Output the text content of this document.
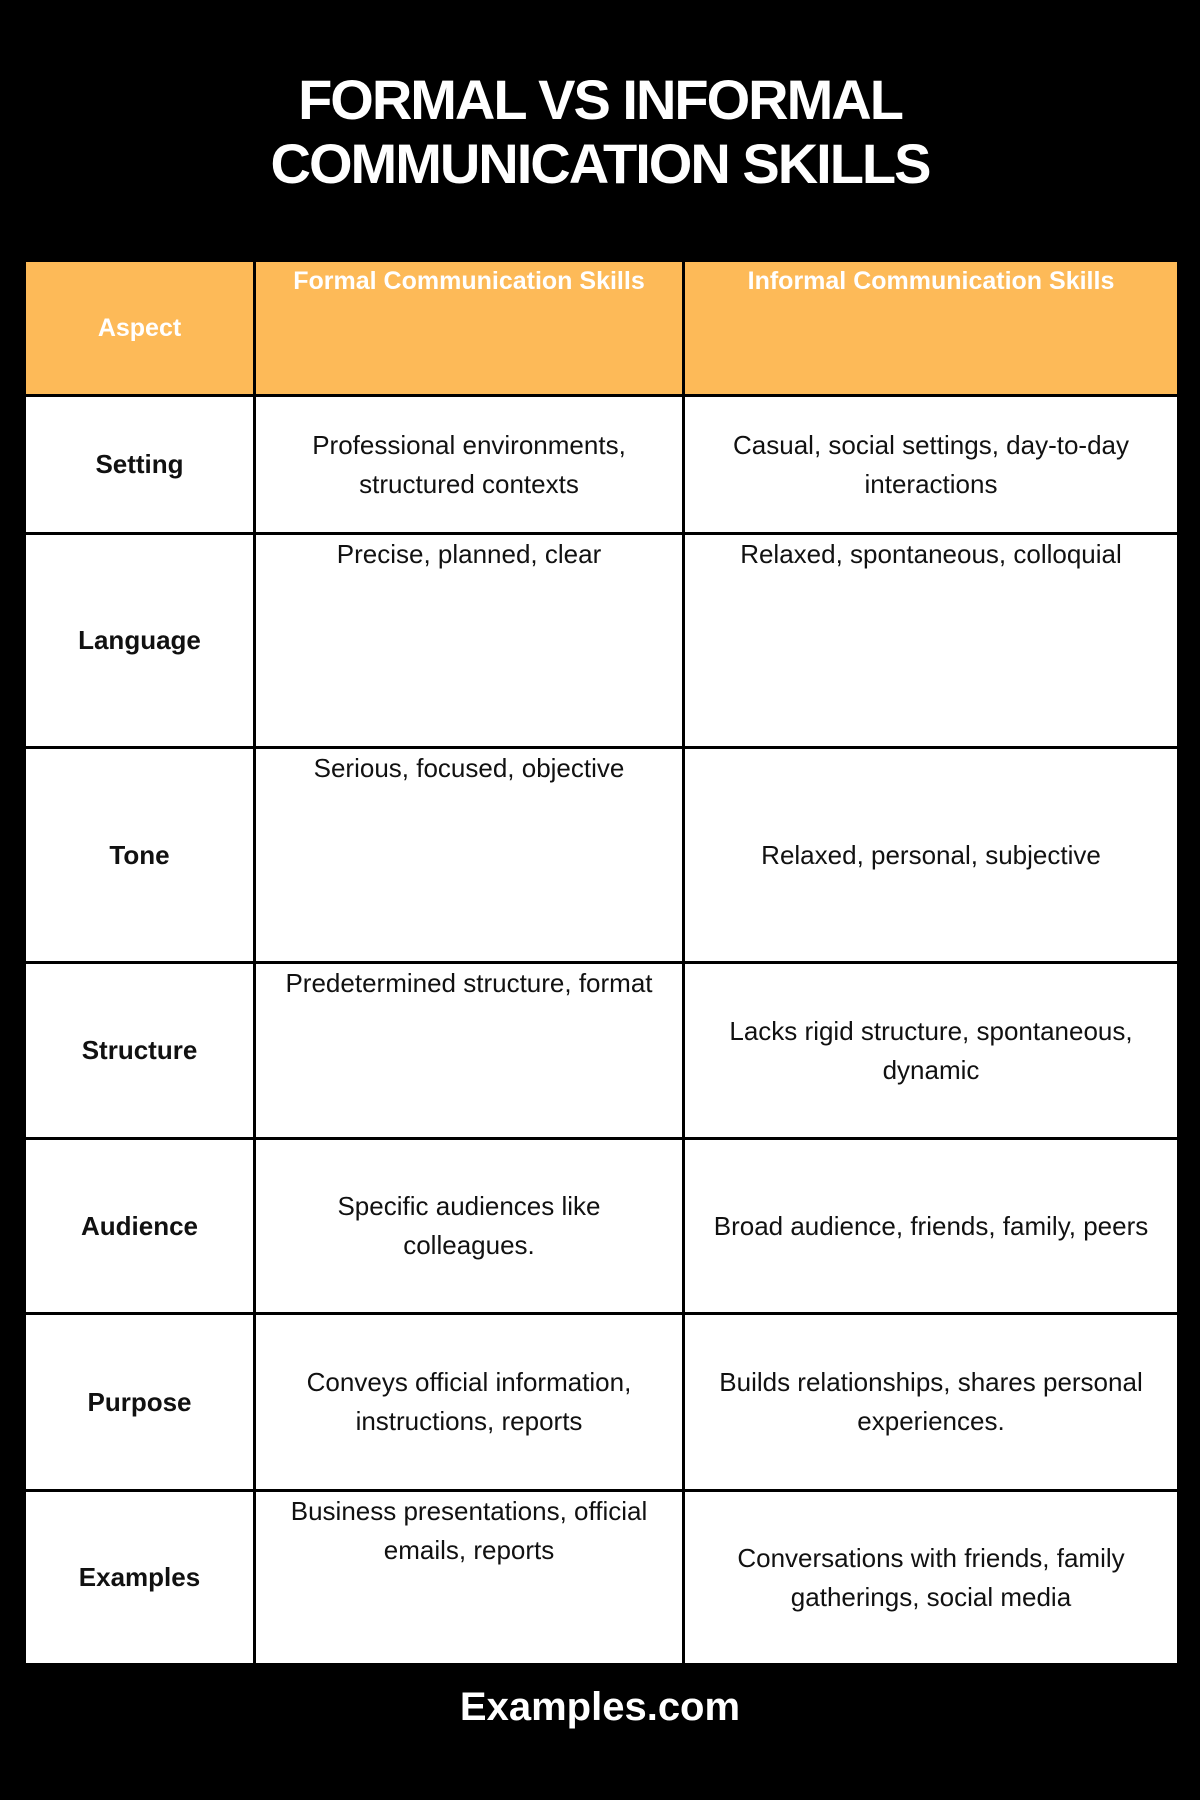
FORMAL VS INFORMAL
COMMUNICATION SKILLS
Aspect	Formal Communication Skills	Informal Communication Skills
Setting	Professional environments, structured contexts	Casual, social settings, day-to-day interactions
Language	Precise, planned, clear	Relaxed, spontaneous, colloquial
Tone	Serious, focused, objective	Relaxed, personal, subjective
Structure	Predetermined structure, format	Lacks rigid structure, spontaneous, dynamic
Audience	Specific audiences like colleagues.	Broad audience, friends, family, peers
Purpose	Conveys official information, instructions, reports	Builds relationships, shares personal experiences.
Examples	Business presentations, official emails, reports	Conversations with friends, family gatherings, social media
Examples.com
